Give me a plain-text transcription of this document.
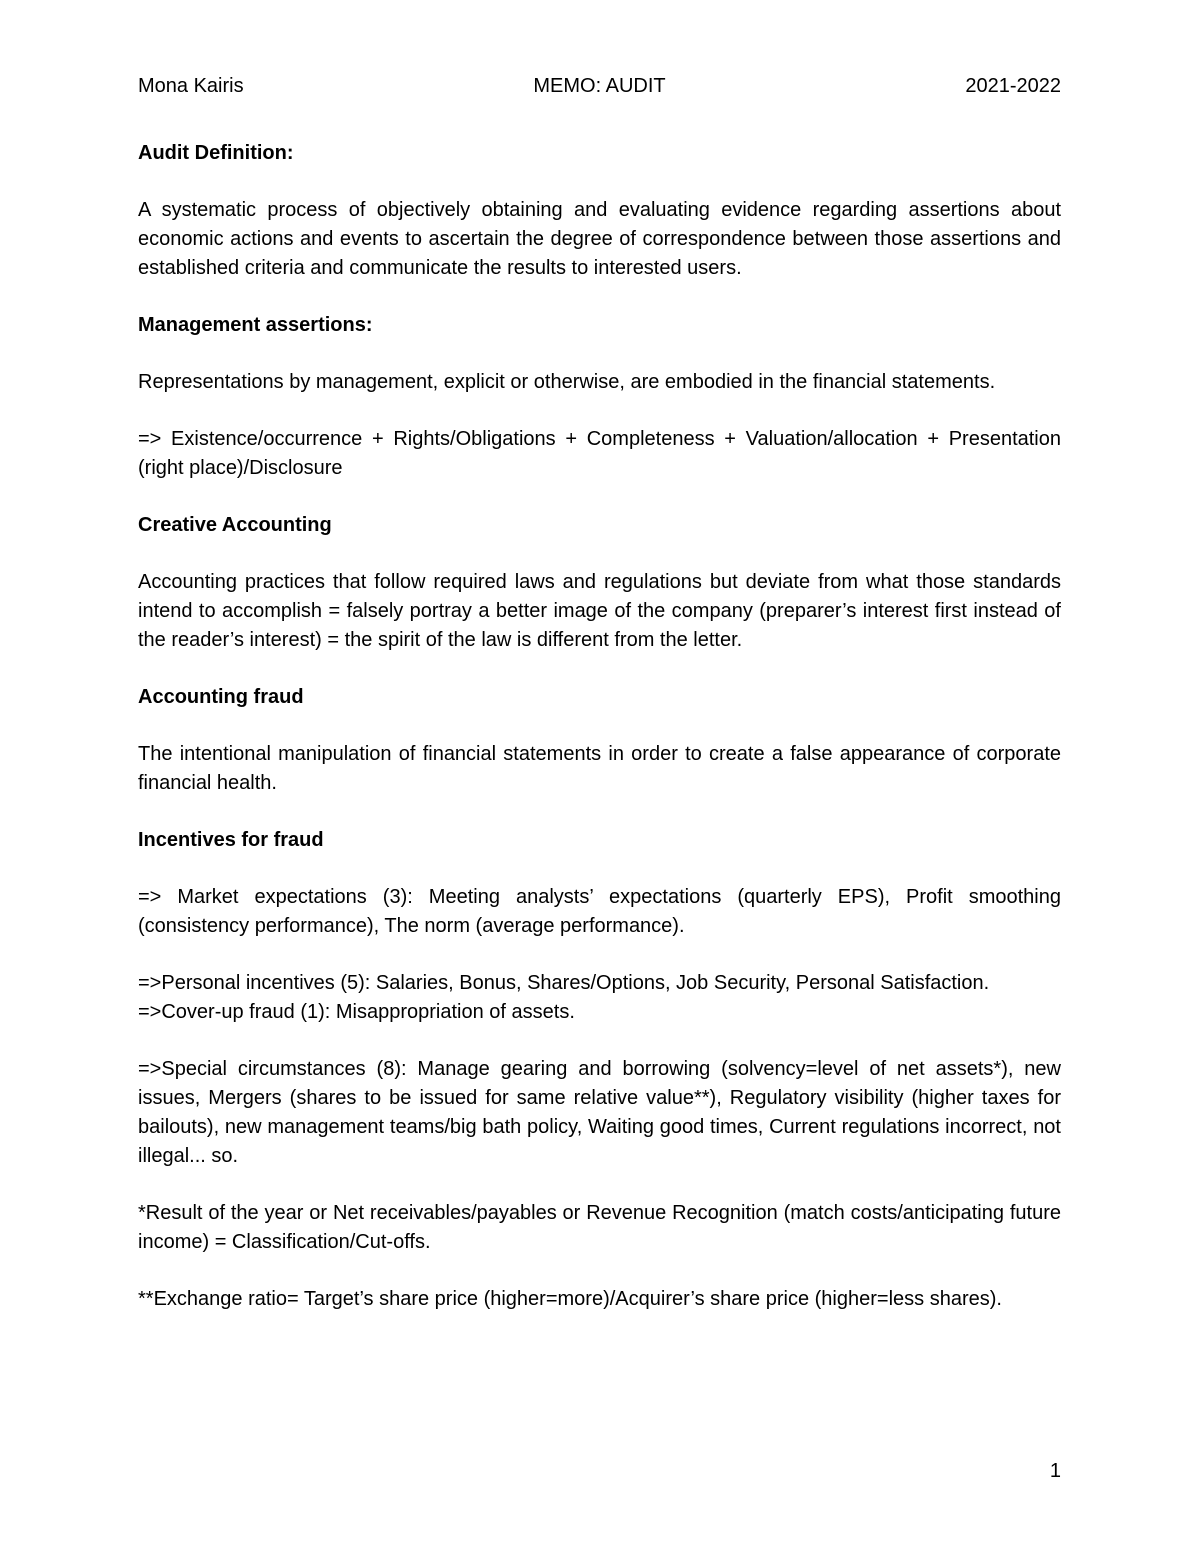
Mona Kairis	MEMO: AUDIT	2021-2022
Audit Definition:
A systematic process of objectively obtaining and evaluating evidence regarding assertions about economic actions and events to ascertain the degree of correspondence between those assertions and established criteria and communicate the results to interested users.
Management assertions:
Representations by management, explicit or otherwise, are embodied in the financial statements.
=> Existence/occurrence + Rights/Obligations + Completeness + Valuation/allocation + Presentation (right place)/Disclosure
Creative Accounting
Accounting practices that follow required laws and regulations but deviate from what those standards intend to accomplish = falsely portray a better image of the company (preparer’s interest first instead of the reader’s interest) = the spirit of the law is different from the letter.
Accounting fraud
The intentional manipulation of financial statements in order to create a false appearance of corporate financial health.
Incentives for fraud
=> Market expectations (3): Meeting analysts’ expectations (quarterly EPS), Profit smoothing (consistency performance), The norm (average performance).
=>Personal incentives (5): Salaries, Bonus, Shares/Options, Job Security, Personal Satisfaction.
=>Cover-up fraud (1): Misappropriation of assets.
=>Special circumstances (8): Manage gearing and borrowing (solvency=level of net assets*), new issues, Mergers (shares to be issued for same relative value**), Regulatory visibility (higher taxes for bailouts), new management teams/big bath policy, Waiting good times, Current regulations incorrect, not illegal... so.
*Result of the year or Net receivables/payables or Revenue Recognition (match costs/anticipating future income) = Classification/Cut-offs.
**Exchange ratio= Target’s share price (higher=more)/Acquirer’s share price (higher=less shares).
1
